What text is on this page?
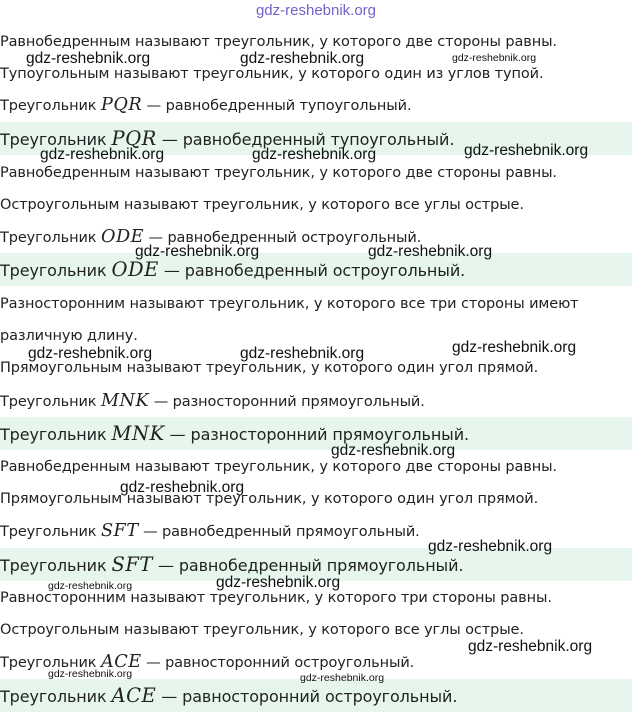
gdz-reshebnik.org
Равнобедренным называют треугольник, у которого две стороны равны.
Тупоугольным называют треугольник, у которого один из углов тупой.
Треугольник PQR — равнобедренный тупоугольный.
Треугольник PQR — равнобедренный тупоугольный.
Равнобедренным называют треугольник, у которого две стороны равны.
Остроугольным называют треугольник, у которого все углы острые.
Треугольник ODE — равнобедренный остроугольный.
Треугольник ODE — равнобедренный остроугольный.
Разносторонним называют треугольник, у которого все три стороны имеют
различную длину.
Прямоугольным называют треугольник, у которого один угол прямой.
Треугольник MNK — разносторонний прямоугольный.
Треугольник MNK — разносторонний прямоугольный.
Равнобедренным называют треугольник, у которого две стороны равны.
Прямоугольным называют треугольник, у которого один угол прямой.
Треугольник SFT — равнобедренный прямоугольный.
Треугольник SFT — равнобедренный прямоугольный.
Равносторонним называют треугольник, у которого три стороны равны.
Остроугольным называют треугольник, у которого все углы острые.
Треугольник ACE — равносторонний остроугольный.
Треугольник ACE — равносторонний остроугольный.
gdz-reshebnik.org	gdz-reshebnik.org	gdz-reshebnik.org
gdz-reshebnik.org	gdz-reshebnik.org	gdz-reshebnik.org
gdz-reshebnik.org	gdz-reshebnik.org
gdz-reshebnik.org	gdz-reshebnik.org	gdz-reshebnik.org
gdz-reshebnik.org
gdz-reshebnik.org
gdz-reshebnik.org
gdz-reshebnik.org	gdz-reshebnik.org
gdz-reshebnik.org
gdz-reshebnik.org	gdz-reshebnik.org
